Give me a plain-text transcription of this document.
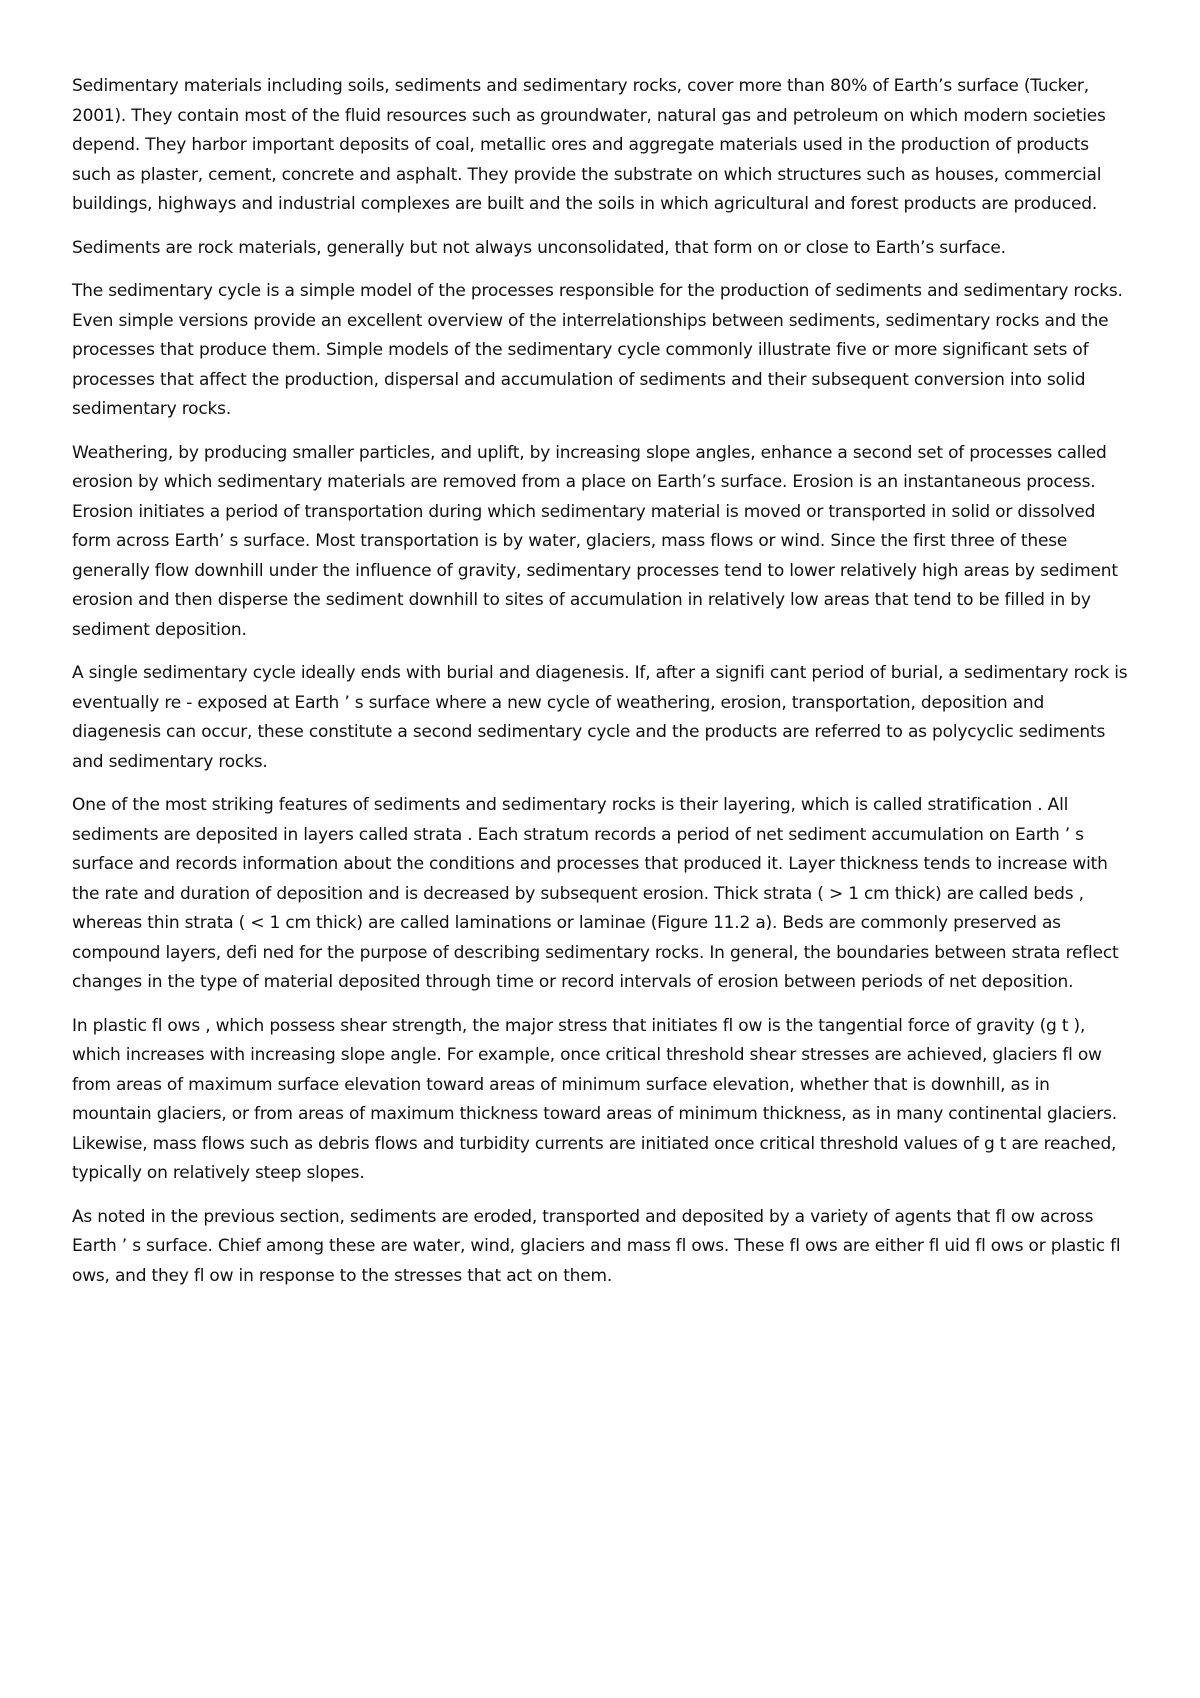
Sedimentary materials including soils, sediments and sedimentary rocks, cover more than 80% of Earth’s surface (Tucker, 2001). They contain most of the fluid resources such as groundwater, natural gas and petroleum on which modern societies depend. They harbor important deposits of coal, metallic ores and aggregate materials used in the production of products such as plaster, cement, concrete and asphalt. They provide the substrate on which structures such as houses, commercial buildings, highways and industrial complexes are built and the soils in which agricultural and forest products are produced.

Sediments are rock materials, generally but not always unconsolidated, that form on or close to Earth’s surface.

The sedimentary cycle is a simple model of the processes responsible for the production of sediments and sedimentary rocks. Even simple versions provide an excellent overview of the interrelationships between sediments, sedimentary rocks and the processes that produce them. Simple models of the sedimentary cycle commonly illustrate five or more significant sets of processes that affect the production, dispersal and accumulation of sediments and their subsequent conversion into solid sedimentary rocks.

Weathering, by producing smaller particles, and uplift, by increasing slope angles, enhance a second set of processes called erosion by which sedimentary materials are removed from a place on Earth’s surface. Erosion is an instantaneous process. Erosion initiates a period of transportation during which sedimentary material is moved or transported in solid or dissolved form across Earth’ s surface. Most transportation is by water, glaciers, mass flows or wind. Since the first three of these generally flow downhill under the influence of gravity, sedimentary processes tend to lower relatively high areas by sediment erosion and then disperse the sediment downhill to sites of accumulation in relatively low areas that tend to be filled in by sediment deposition.

A single sedimentary cycle ideally ends with burial and diagenesis. If, after a signifi cant period of burial, a sedimentary rock is eventually re - exposed at Earth ’ s surface where a new cycle of weathering, erosion, transportation, deposition and diagenesis can occur, these constitute a second sedimentary cycle and the products are referred to as polycyclic sediments and sedimentary rocks.

One of the most striking features of sediments and sedimentary rocks is their layering, which is called stratification . All sediments are deposited in layers called strata . Each stratum records a period of net sediment accumulation on Earth ’ s surface and records information about the conditions and processes that produced it. Layer thickness tends to increase with the rate and duration of deposition and is decreased by subsequent erosion. Thick strata ( > 1 cm thick) are called beds , whereas thin strata ( < 1 cm thick) are called laminations or laminae (Figure 11.2 a). Beds are commonly preserved as compound layers, defi ned for the purpose of describing sedimentary rocks. In general, the boundaries between strata reflect changes in the type of material deposited through time or record intervals of erosion between periods of net deposition.

In plastic fl ows , which possess shear strength, the major stress that initiates fl ow is the tangential force of gravity (g t ), which increases with increasing slope angle. For example, once critical threshold shear stresses are achieved, glaciers fl ow from areas of maximum surface elevation toward areas of minimum surface elevation, whether that is downhill, as in mountain glaciers, or from areas of maximum thickness toward areas of minimum thickness, as in many continental glaciers. Likewise, mass flows such as debris flows and turbidity currents are initiated once critical threshold values of g t are reached, typically on relatively steep slopes.

As noted in the previous section, sediments are eroded, transported and deposited by a variety of agents that fl ow across Earth ’ s surface. Chief among these are water, wind, glaciers and mass fl ows. These fl ows are either fl uid fl ows or plastic fl ows, and they fl ow in response to the stresses that act on them.
